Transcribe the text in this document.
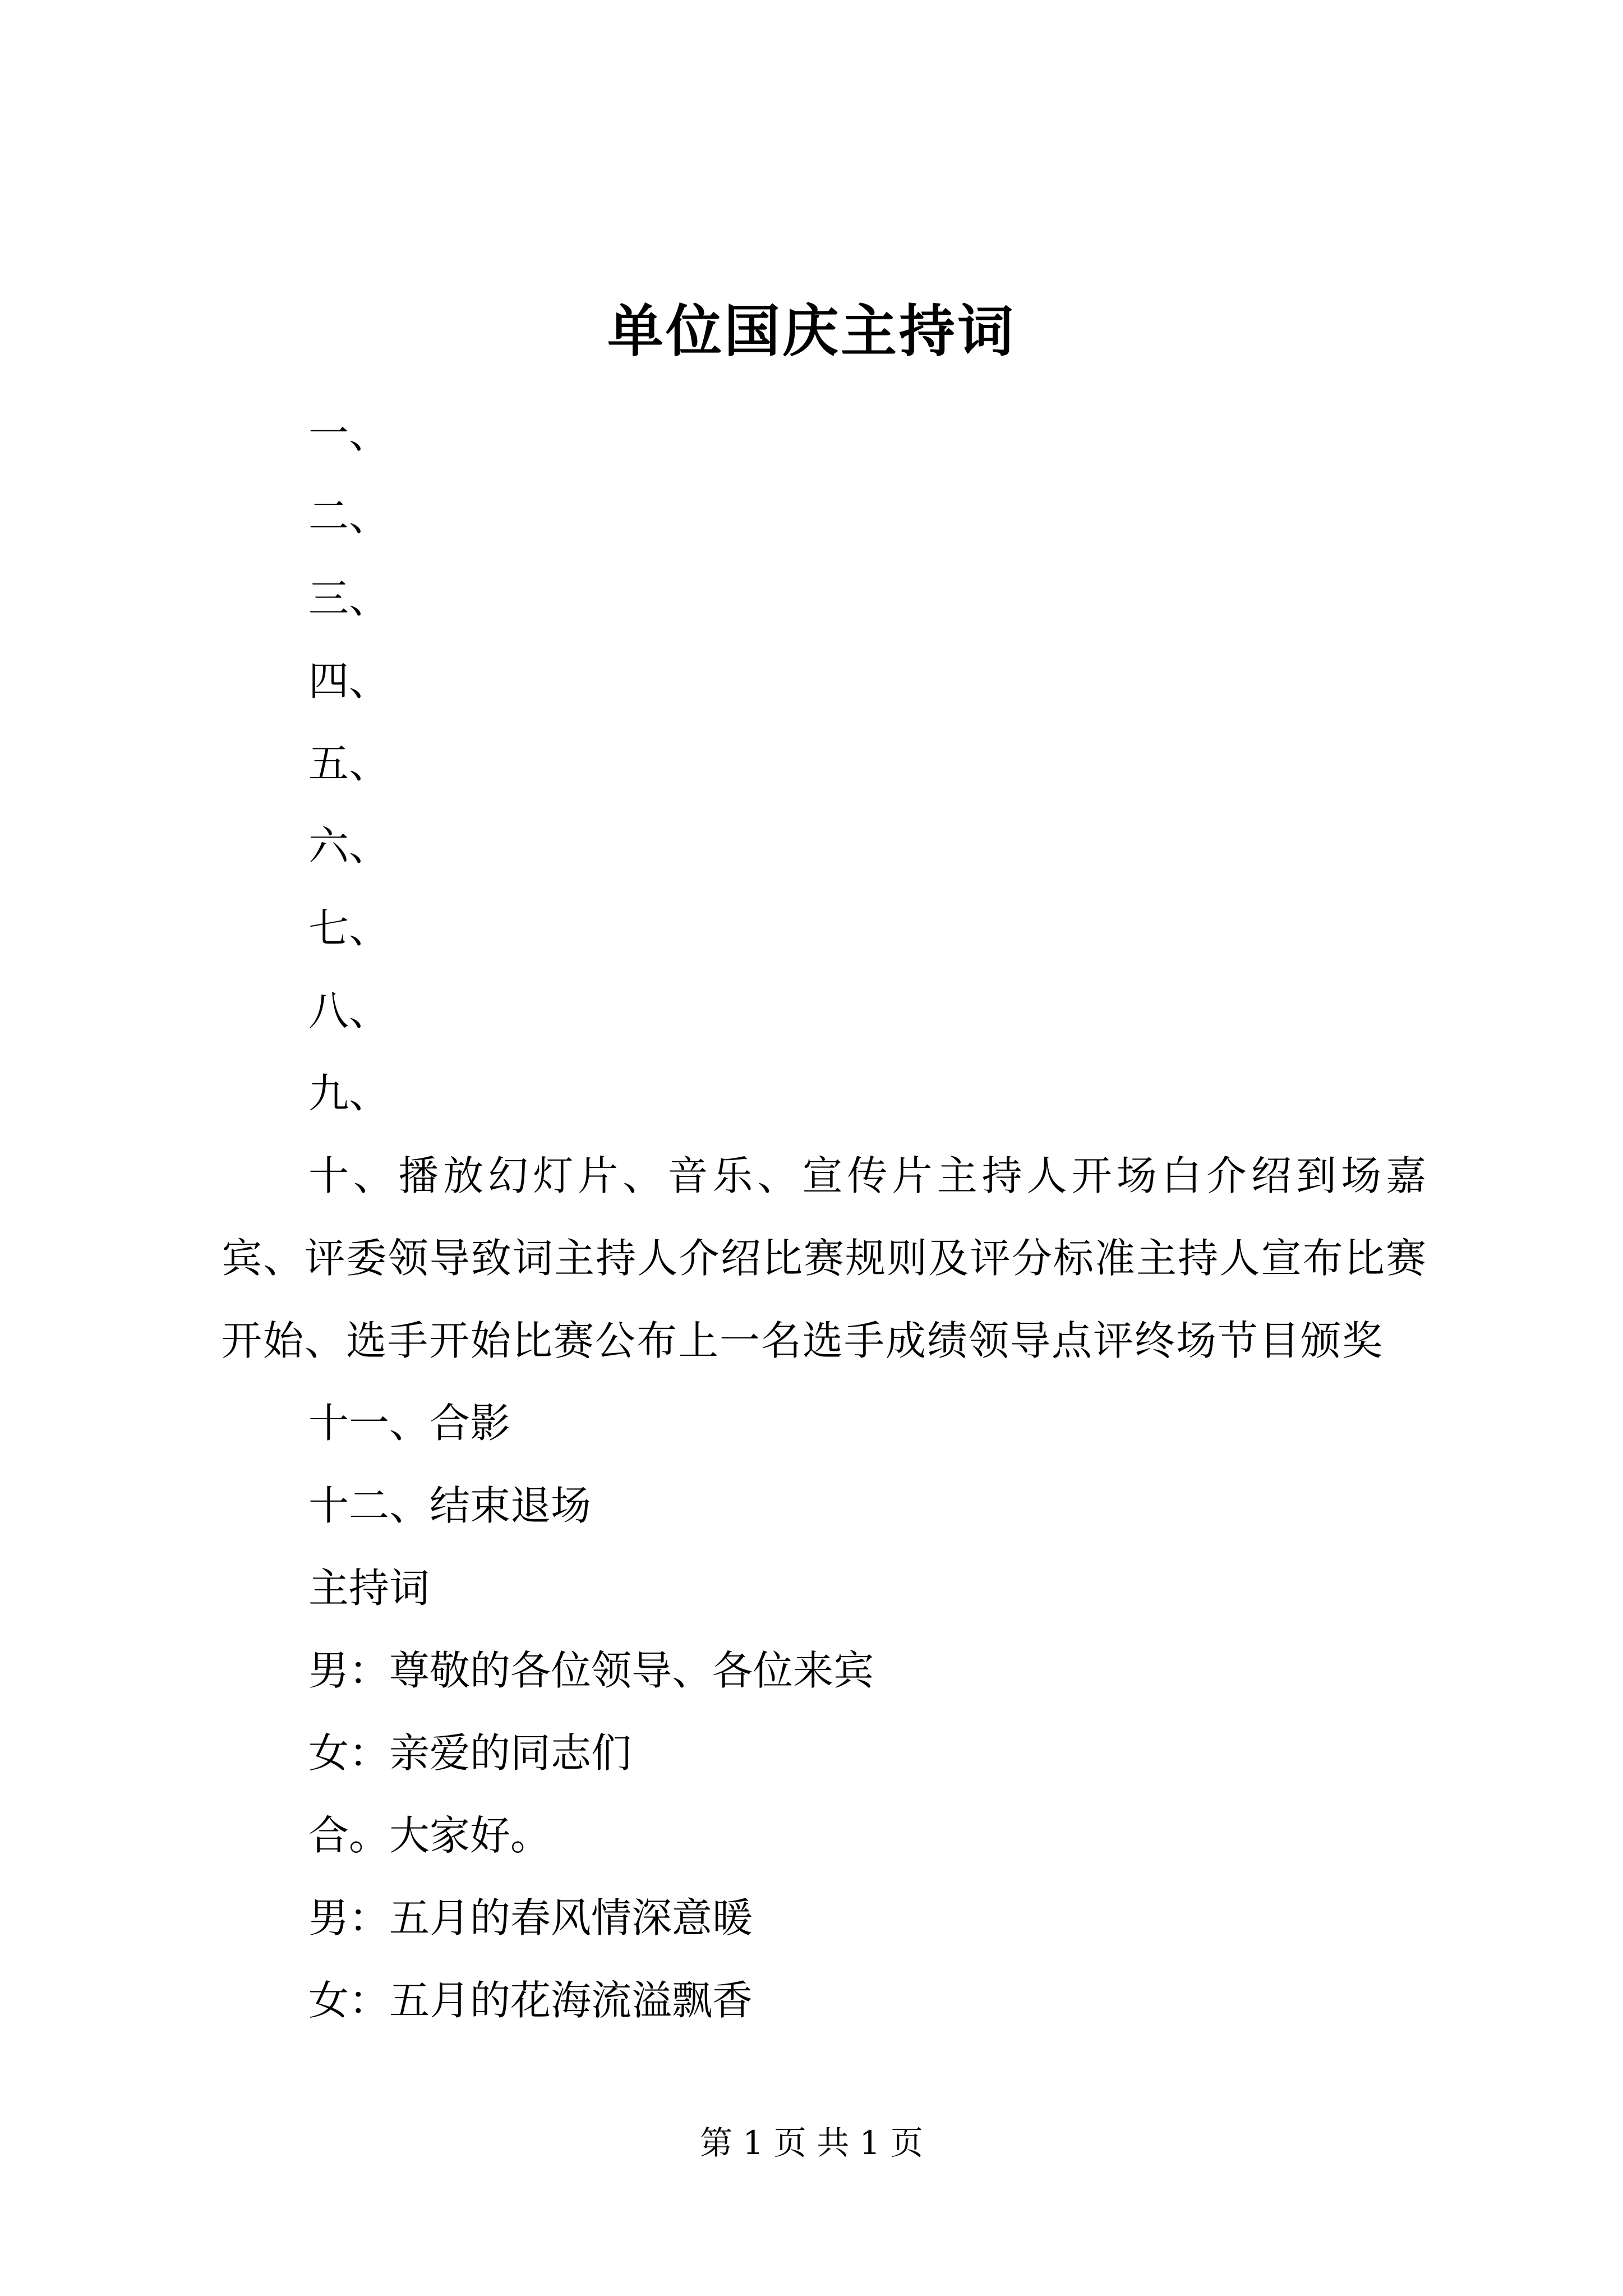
单位国庆主持词
一、
二、
三、
四、
五、
六、
七、
八、
九、
十、播放幻灯片、音乐、宣传片主持人开场白介绍到场嘉宾、评委领导致词主持人介绍比赛规则及评分标准主持人宣布比赛开始、选手开始比赛公布上一名选手成绩领导点评终场节目颁奖
十一、合影
十二、结束退场
主持词
男：尊敬的各位领导、各位来宾
女：亲爱的同志们
合。大家好。
男：五月的春风情深意暖
女：五月的花海流溢飘香
第 1 页 共 1 页
